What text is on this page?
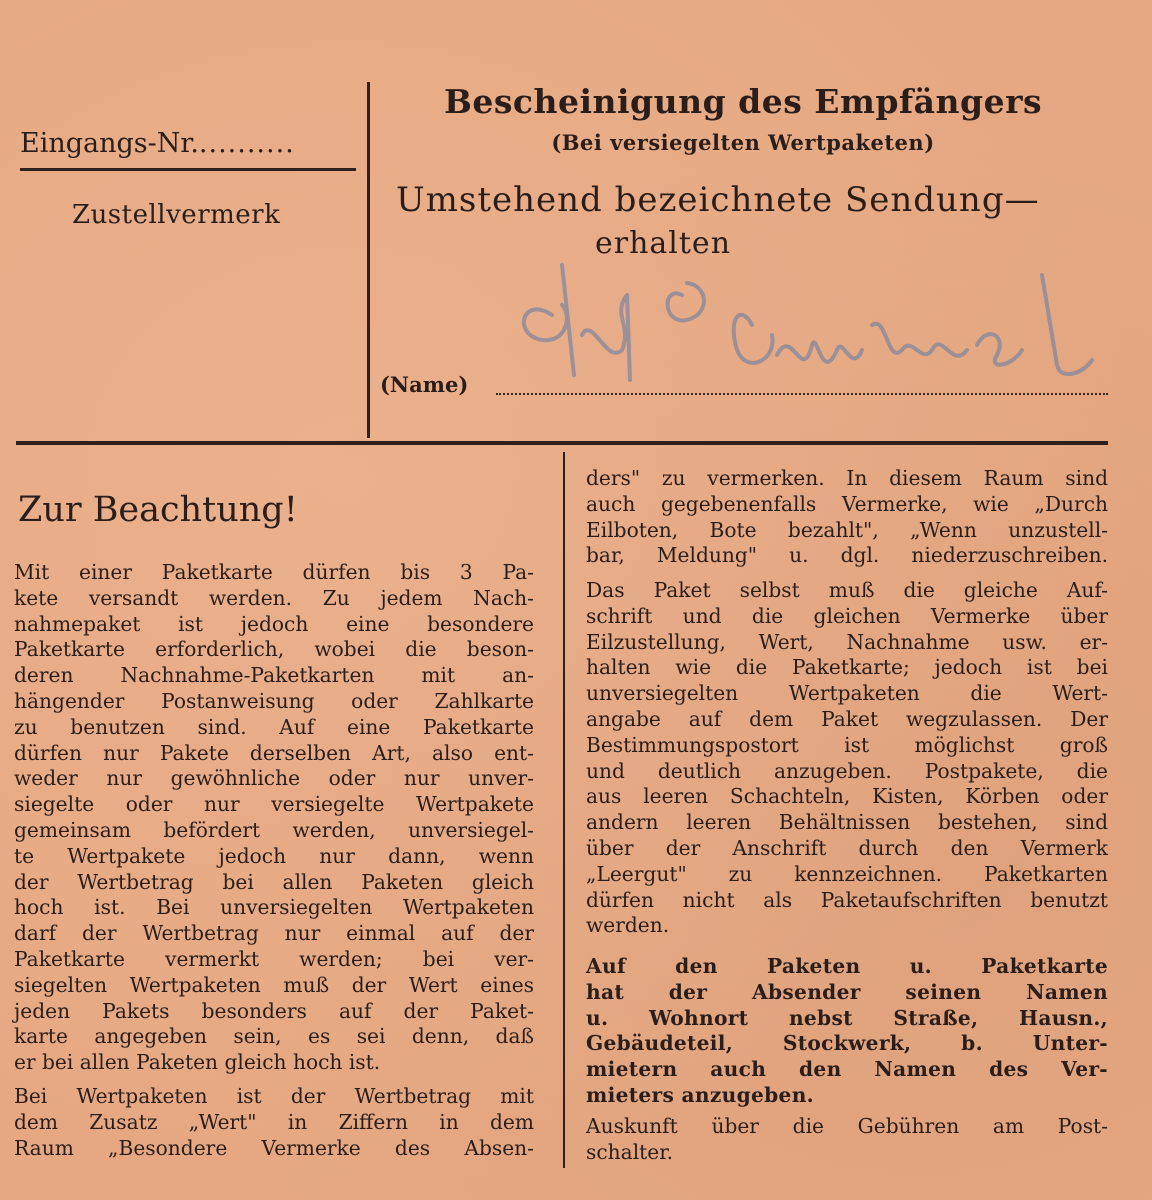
Eingangs-Nr...........
Zustellvermerk
Bescheinigung des Empfängers
(Bei versiegelten Wertpaketen)
Umstehend bezeichnete Sendung—
erhalten
(Name)
Zur Beachtung!
Mit einer Paketkarte dürfen bis 3 Pa-
kete versandt werden. Zu jedem Nach-
nahmepaket ist jedoch eine besondere
Paketkarte erforderlich, wobei die beson-
deren Nachnahme-Paketkarten mit an-
hängender Postanweisung oder Zahlkarte
zu benutzen sind. Auf eine Paketkarte
dürfen nur Pakete derselben Art, also ent-
weder nur gewöhnliche oder nur unver-
siegelte oder nur versiegelte Wertpakete
gemeinsam befördert werden, unversiegel-
te Wertpakete jedoch nur dann, wenn
der Wertbetrag bei allen Paketen gleich
hoch ist. Bei unversiegelten Wertpaketen
darf der Wertbetrag nur einmal auf der
Paketkarte vermerkt werden; bei ver-
siegelten Wertpaketen muß der Wert eines
jeden Pakets besonders auf der Paket-
karte angegeben sein, es sei denn, daß
er bei allen Paketen gleich hoch ist.
Bei Wertpaketen ist der Wertbetrag mit
dem Zusatz „Wert" in Ziffern in dem
Raum „Besondere Vermerke des Absen-
ders" zu vermerken. In diesem Raum sind
auch gegebenenfalls Vermerke, wie „Durch
Eilboten, Bote bezahlt", „Wenn unzustell-
bar, Meldung" u. dgl. niederzuschreiben.
Das Paket selbst muß die gleiche Auf-
schrift und die gleichen Vermerke über
Eilzustellung, Wert, Nachnahme usw. er-
halten wie die Paketkarte; jedoch ist bei
unversiegelten Wertpaketen die Wert-
angabe auf dem Paket wegzulassen. Der
Bestimmungspostort ist möglichst groß
und deutlich anzugeben. Postpakete, die
aus leeren Schachteln, Kisten, Körben oder
andern leeren Behältnissen bestehen, sind
über der Anschrift durch den Vermerk
„Leergut" zu kennzeichnen. Paketkarten
dürfen nicht als Paketaufschriften benutzt
werden.
Auf den Paketen u. Paketkarte
hat der Absender seinen Namen
u. Wohnort nebst Straße, Hausn.,
Gebäudeteil, Stockwerk, b. Unter-
mietern auch den Namen des Ver-
mieters anzugeben.
Auskunft über die Gebühren am Post-
schalter.
